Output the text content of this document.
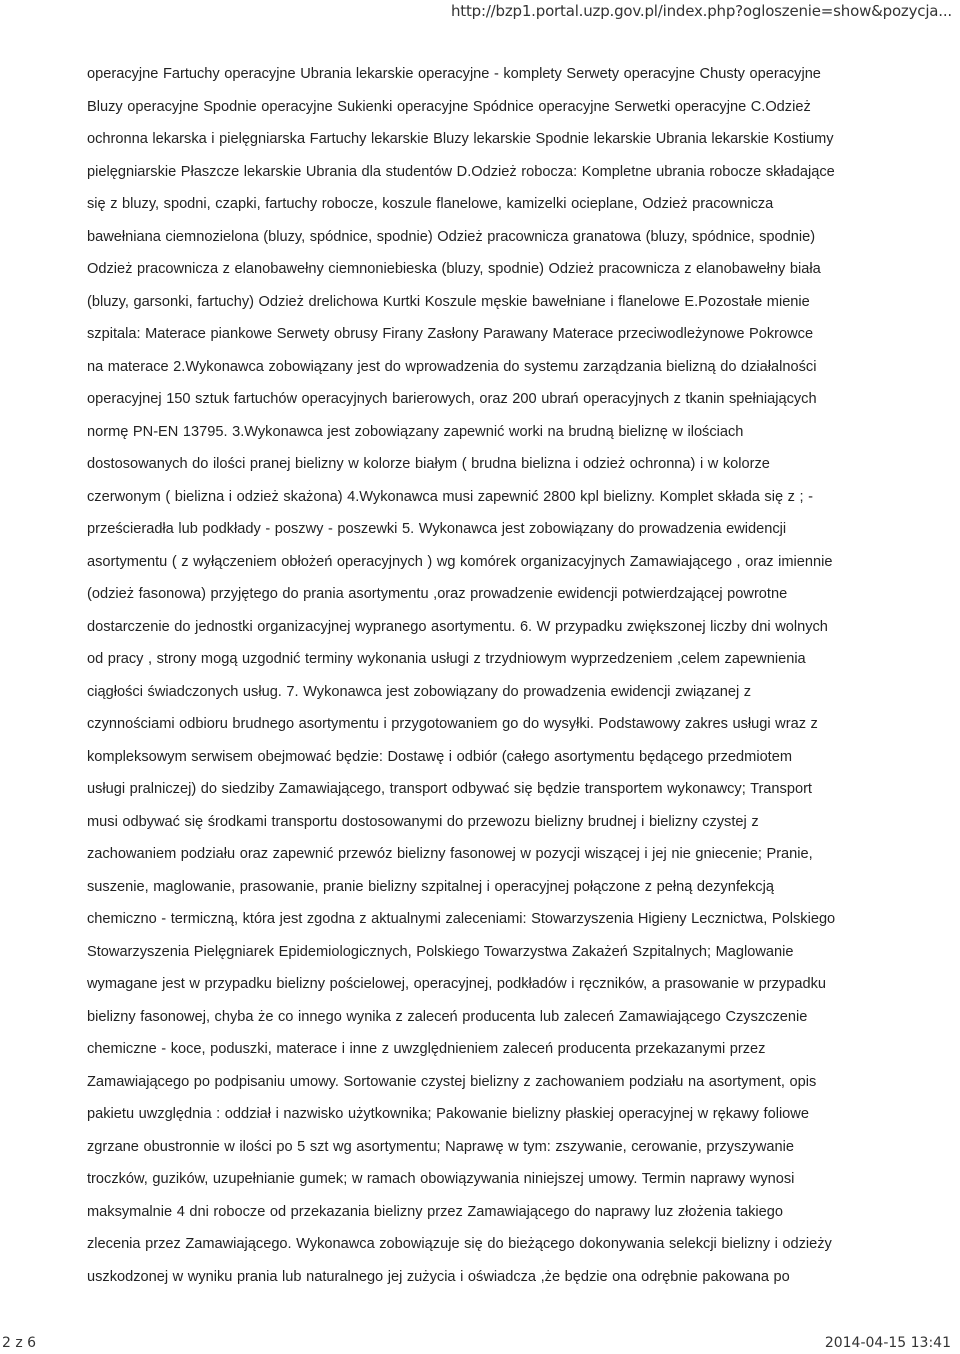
http://bzp1.portal.uzp.gov.pl/index.php?ogloszenie=show&pozycja...
operacyjne Fartuchy operacyjne Ubrania lekarskie operacyjne - komplety Serwety operacyjne Chusty operacyjne
Bluzy operacyjne Spodnie operacyjne Sukienki operacyjne Spódnice operacyjne Serwetki operacyjne C.Odzież
ochronna lekarska i pielęgniarska Fartuchy lekarskie Bluzy lekarskie Spodnie lekarskie Ubrania lekarskie Kostiumy
pielęgniarskie Płaszcze lekarskie Ubrania dla studentów D.Odzież robocza: Kompletne ubrania robocze składające
się z bluzy, spodni, czapki, fartuchy robocze, koszule flanelowe, kamizelki ocieplane, Odzież pracownicza
bawełniana ciemnozielona (bluzy, spódnice, spodnie) Odzież pracownicza granatowa (bluzy, spódnice, spodnie)
Odzież pracownicza z elanobawełny ciemnoniebieska (bluzy, spodnie) Odzież pracownicza z elanobawełny biała
(bluzy, garsonki, fartuchy) Odzież drelichowa Kurtki Koszule męskie bawełniane i flanelowe E.Pozostałe mienie
szpitala: Materace piankowe Serwety obrusy Firany Zasłony Parawany Materace przeciwodleżynowe Pokrowce
na materace 2.Wykonawca zobowiązany jest do wprowadzenia do systemu zarządzania bielizną do działalności
operacyjnej 150 sztuk fartuchów operacyjnych barierowych, oraz 200 ubrań operacyjnych z tkanin spełniających
normę PN-EN 13795. 3.Wykonawca jest zobowiązany zapewnić worki na brudną bieliznę w ilościach
dostosowanych do ilości pranej bielizny w kolorze białym ( brudna bielizna i odzież ochronna) i w kolorze
czerwonym ( bielizna i odzież skażona) 4.Wykonawca musi zapewnić 2800 kpl bielizny. Komplet składa się z ; -
prześcieradła lub podkłady - poszwy - poszewki 5. Wykonawca jest zobowiązany do prowadzenia ewidencji
asortymentu ( z wyłączeniem obłożeń operacyjnych ) wg komórek organizacyjnych Zamawiającego , oraz imiennie
(odzież fasonowa) przyjętego do prania asortymentu ,oraz prowadzenie ewidencji potwierdzającej powrotne
dostarczenie do jednostki organizacyjnej wypranego asortymentu. 6. W przypadku zwiększonej liczby dni wolnych
od pracy , strony mogą uzgodnić terminy wykonania usługi z trzydniowym wyprzedzeniem ,celem zapewnienia
ciągłości świadczonych usług. 7. Wykonawca jest zobowiązany do prowadzenia ewidencji związanej z
czynnościami odbioru brudnego asortymentu i przygotowaniem go do wysyłki. Podstawowy zakres usługi wraz z
kompleksowym serwisem obejmować będzie: Dostawę i odbiór (całego asortymentu będącego przedmiotem
usługi pralniczej) do siedziby Zamawiającego, transport odbywać się będzie transportem wykonawcy; Transport
musi odbywać się środkami transportu dostosowanymi do przewozu bielizny brudnej i bielizny czystej z
zachowaniem podziału oraz zapewnić przewóz bielizny fasonowej w pozycji wiszącej i jej nie gniecenie; Pranie,
suszenie, maglowanie, prasowanie, pranie bielizny szpitalnej i operacyjnej połączone z pełną dezynfekcją
chemiczno - termiczną, która jest zgodna z aktualnymi zaleceniami: Stowarzyszenia Higieny Lecznictwa, Polskiego
Stowarzyszenia Pielęgniarek Epidemiologicznych, Polskiego Towarzystwa Zakażeń Szpitalnych; Maglowanie
wymagane jest w przypadku bielizny pościelowej, operacyjnej, podkładów i ręczników, a prasowanie w przypadku
bielizny fasonowej, chyba że co innego wynika z zaleceń producenta lub zaleceń Zamawiającego Czyszczenie
chemiczne - koce, poduszki, materace i inne z uwzględnieniem zaleceń producenta przekazanymi przez
Zamawiającego po podpisaniu umowy. Sortowanie czystej bielizny z zachowaniem podziału na asortyment, opis
pakietu uwzględnia : oddział i nazwisko użytkownika; Pakowanie bielizny płaskiej operacyjnej w rękawy foliowe
zgrzane obustronnie w ilości po 5 szt wg asortymentu; Naprawę w tym: zszywanie, cerowanie, przyszywanie
troczków, guzików, uzupełnianie gumek; w ramach obowiązywania niniejszej umowy. Termin naprawy wynosi
maksymalnie 4 dni robocze od przekazania bielizny przez Zamawiającego do naprawy luz złożenia takiego
zlecenia przez Zamawiającego. Wykonawca zobowiązuje się do bieżącego dokonywania selekcji bielizny i odzieży
uszkodzonej w wyniku prania lub naturalnego jej zużycia i oświadcza ,że będzie ona odrębnie pakowana po
2 z 6	2014-04-15 13:41
